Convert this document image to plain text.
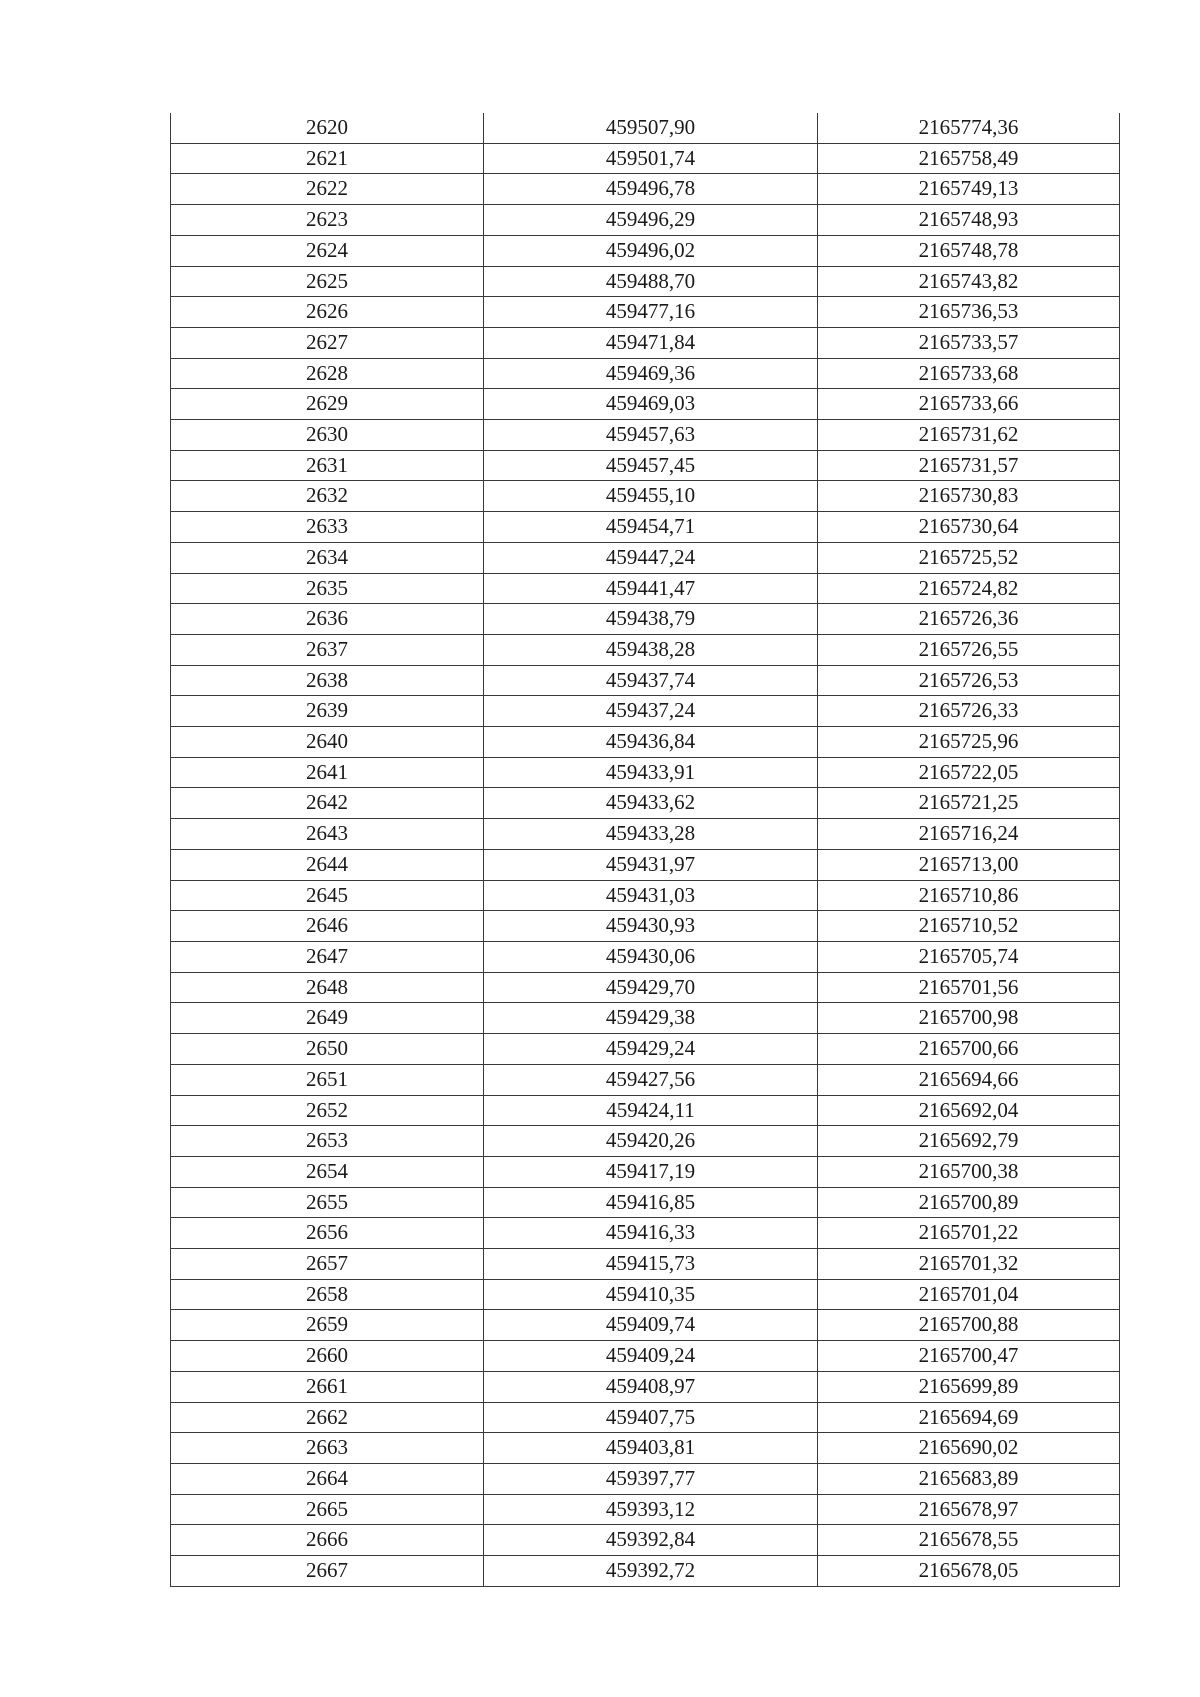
2620	459507,90	2165774,36
2621	459501,74	2165758,49
2622	459496,78	2165749,13
2623	459496,29	2165748,93
2624	459496,02	2165748,78
2625	459488,70	2165743,82
2626	459477,16	2165736,53
2627	459471,84	2165733,57
2628	459469,36	2165733,68
2629	459469,03	2165733,66
2630	459457,63	2165731,62
2631	459457,45	2165731,57
2632	459455,10	2165730,83
2633	459454,71	2165730,64
2634	459447,24	2165725,52
2635	459441,47	2165724,82
2636	459438,79	2165726,36
2637	459438,28	2165726,55
2638	459437,74	2165726,53
2639	459437,24	2165726,33
2640	459436,84	2165725,96
2641	459433,91	2165722,05
2642	459433,62	2165721,25
2643	459433,28	2165716,24
2644	459431,97	2165713,00
2645	459431,03	2165710,86
2646	459430,93	2165710,52
2647	459430,06	2165705,74
2648	459429,70	2165701,56
2649	459429,38	2165700,98
2650	459429,24	2165700,66
2651	459427,56	2165694,66
2652	459424,11	2165692,04
2653	459420,26	2165692,79
2654	459417,19	2165700,38
2655	459416,85	2165700,89
2656	459416,33	2165701,22
2657	459415,73	2165701,32
2658	459410,35	2165701,04
2659	459409,74	2165700,88
2660	459409,24	2165700,47
2661	459408,97	2165699,89
2662	459407,75	2165694,69
2663	459403,81	2165690,02
2664	459397,77	2165683,89
2665	459393,12	2165678,97
2666	459392,84	2165678,55
2667	459392,72	2165678,05
